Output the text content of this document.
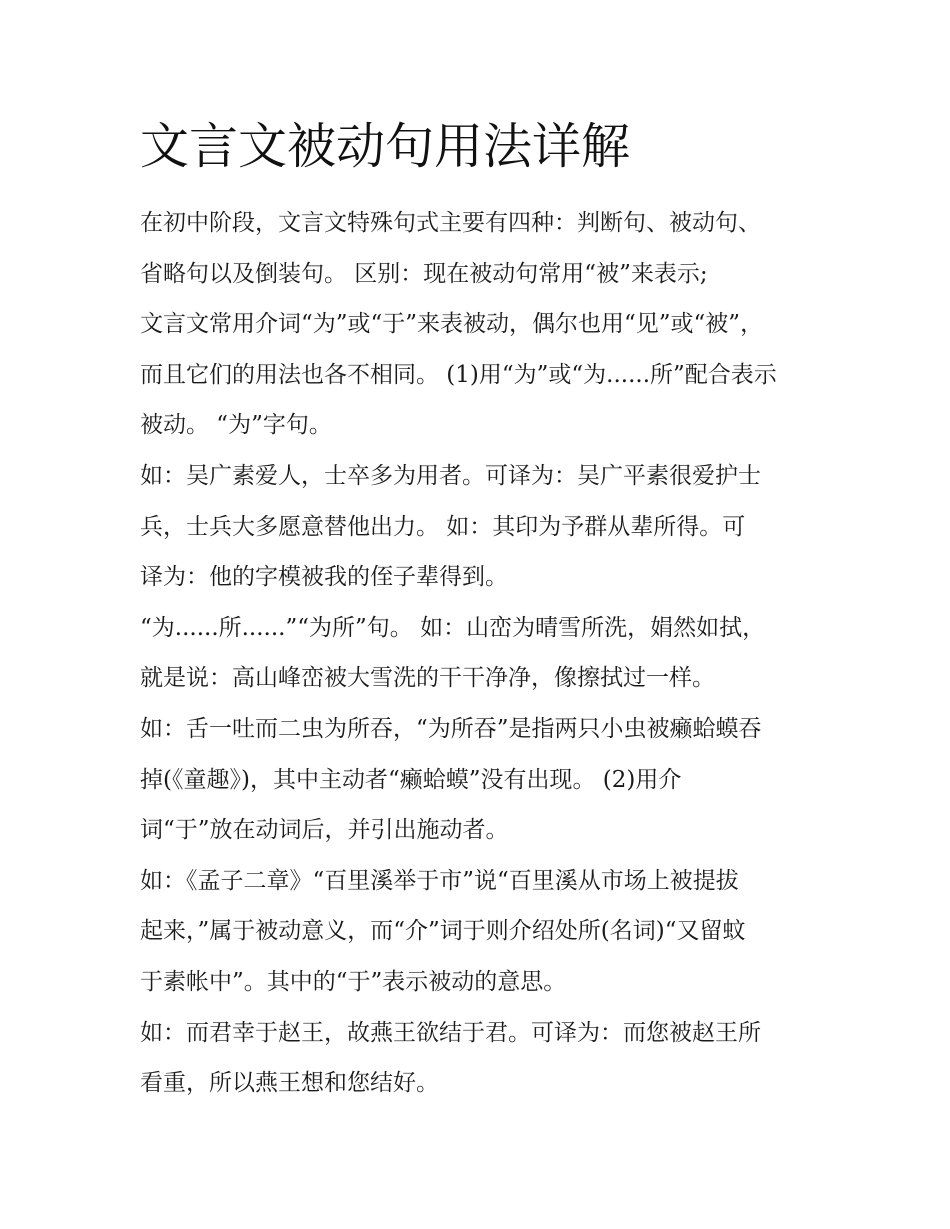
文言文被动句用法详解
在初中阶段，文言文特殊句式主要有四种：判断句、被动句、
省略句以及倒装句。 区别：现在被动句常用“被”来表示;
文言文常用介词“为”或“于”来表被动，偶尔也用“见”或“被”，
而且它们的用法也各不相同。 (1)用“为”或“为......所”配合表示
被动。 “为”字句。
如：吴广素爱人，士卒多为用者。可译为：吴广平素很爱护士
兵，士兵大多愿意替他出力。 如：其印为予群从辈所得。可
译为：他的字模被我的侄子辈得到。
“为......所......”“为所”句。 如：山峦为晴雪所洗，娟然如拭，
就是说：高山峰峦被大雪洗的干干净净，像擦拭过一样。
如：舌一吐而二虫为所吞，“为所吞”是指两只小虫被癞蛤蟆吞
掉(《童趣》)，其中主动者“癞蛤蟆”没有出现。 (2)用介
词“于”放在动词后，并引出施动者。
如：《孟子二章》“百里溪举于市”说“百里溪从市场上被提拔
起来，”属于被动意义，而“介”词于则介绍处所(名词)“又留蚊
于素帐中”。其中的“于”表示被动的意思。
如：而君幸于赵王，故燕王欲结于君。可译为：而您被赵王所
看重，所以燕王想和您结好。
